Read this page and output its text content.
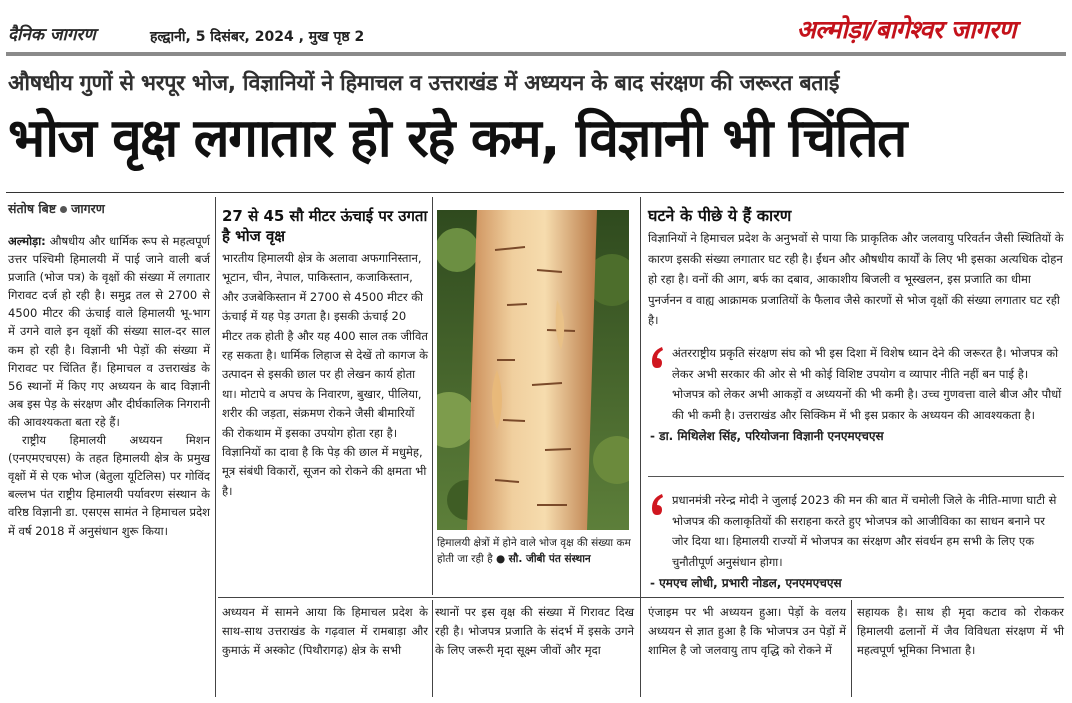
दैनिक जागरण	हल्द्वानी, 5 दिसंबर, 2024 , मुख पृष्ठ 2	अल्मोड़ा/बागेश्वर जागरण
औषधीय गुणों से भरपूर भोज, विज्ञानियों ने हिमाचल व उत्तराखंड में अध्ययन के बाद संरक्षण की जरूरत बताई
भोज वृक्ष लगातार हो रहे कम, विज्ञानी भी चिंतित
संतोष बिष्ट जागरण

अल्मोड़ा: औषधीय और धार्मिक रूप से महत्वपूर्ण उत्तर पश्चिमी हिमालयी में पाई जाने वाली बर्ज प्रजाति (भोज पत्र) के वृक्षों की संख्या में लगातार गिरावट दर्ज हो रही है। समुद्र तल से 2700 से 4500 मीटर की ऊंचाई वाले हिमालयी भू-भाग में उगने वाले इन वृक्षों की संख्या साल-दर साल कम हो रही है। विज्ञानी भी पेड़ों की संख्या में गिरावट पर चिंतित हैं। हिमाचल व उत्तराखंड के 56 स्थानों में किए गए अध्ययन के बाद विज्ञानी अब इस पेड़ के संरक्षण और दीर्घकालिक निगरानी की आवश्यकता बता रहे हैं।

राष्ट्रीय हिमालयी अध्ययन मिशन (एनएमएचएस) के तहत हिमालयी क्षेत्र के प्रमुख वृक्षों में से एक भोज (बेतुला यूटिलिस) पर गोविंद बल्लभ पंत राष्ट्रीय हिमालयी पर्यावरण संस्थान के वरिष्ठ विज्ञानी डा. एसएस सामंत ने हिमाचल प्रदेश में वर्ष 2018 में अनुसंधान शुरू किया।

27 से 45 सौ मीटर ऊंचाई पर उगता है भोज वृक्ष
भारतीय हिमालयी क्षेत्र के अलावा अफगानिस्तान, भूटान, चीन, नेपाल, पाकिस्तान, कजाकिस्तान, और उजबेकिस्तान में 2700 से 4500 मीटर की ऊंचाई में यह पेड़ उगता है। इसकी ऊंचाई 20 मीटर तक होती है और यह 400 साल तक जीवित रह सकता है। धार्मिक लिहाज से देखें तो कागज के उत्पादन से इसकी छाल पर ही लेखन कार्य होता था। मोटापे व अपच के निवारण, बुखार, पीलिया, शरीर की जड़ता, संक्रमण रोकने जैसी बीमारियों की रोकथाम में इसका उपयोग होता रहा है। विज्ञानियों का दावा है कि पेड़ की छाल में मधुमेह, मूत्र संबंधी विकारों, सूजन को रोकने की क्षमता भी है।
हिमालयी क्षेत्रों में होने वाले भोज वृक्ष की संख्या कम होती जा रही है ● सौ. जीबी पंत संस्थान
घटने के पीछे ये हैं कारण
विज्ञानियों ने हिमाचल प्रदेश के अनुभवों से पाया कि प्राकृतिक और जलवायु परिवर्तन जैसी स्थितियों के कारण इसकी संख्या लगातार घट रही है। ईंधन और औषधीय कार्यों के लिए भी इसका अत्यधिक दोहन हो रहा है। वनों की आग, बर्फ का दबाव, आकाशीय बिजली व भूस्खलन, इस प्रजाति का धीमा पुनर्जनन व वाह्य आक्रामक प्रजातियों के फैलाव जैसे कारणों से भोज वृक्षों की संख्या लगातार घट रही है।
अंतरराष्ट्रीय प्रकृति संरक्षण संघ को भी इस दिशा में विशेष ध्यान देने की जरूरत है। भोजपत्र को लेकर अभी सरकार की ओर से भी कोई विशिष्ट उपयोग व व्यापार नीति नहीं बन पाई है। भोजपत्र को लेकर अभी आकड़ों व अध्ययनों की भी कमी है। उच्च गुणवत्ता वाले बीज और पौधों की भी कमी है। उत्तराखंड और सिक्किम में भी इस प्रकार के अध्ययन की आवश्यकता है।
- डा. मिथिलेश सिंह, परियोजना विज्ञानी एनएमएचएस
प्रधानमंत्री नरेन्द्र मोदी ने जुलाई 2023 की मन की बात में चमोली जिले के नीति-माणा घाटी से भोजपत्र की कलाकृतियों की सराहना करते हुए भोजपत्र को आजीविका का साधन बनाने पर जोर दिया था। हिमालयी राज्यों में भोजपत्र का संरक्षण और संवर्धन हम सभी के लिए एक चुनौतीपूर्ण अनुसंधान होगा।
- एमएच लोधी, प्रभारी नोडल, एनएमएचएस
अध्ययन में सामने आया कि हिमाचल प्रदेश के साथ-साथ उत्तराखंड के गढ़वाल में रामबाड़ा और कुमाऊं में अस्कोट (पिथौरागढ़) क्षेत्र के सभी
स्थानों पर इस वृक्ष की संख्या में गिरावट दिख रही है। भोजपत्र प्रजाति के संदर्भ में इसके उगने के लिए जरूरी मृदा सूक्ष्म जीवों और मृदा
एंजाइम पर भी अध्ययन हुआ। पेड़ों के वलय अध्ययन से ज्ञात हुआ है कि भोजपत्र उन पेड़ों में शामिल है जो जलवायु ताप वृद्धि को रोकने में
सहायक है। साथ ही मृदा कटाव को रोककर हिमालयी ढलानों में जैव विविधता संरक्षण में भी महत्वपूर्ण भूमिका निभाता है।
